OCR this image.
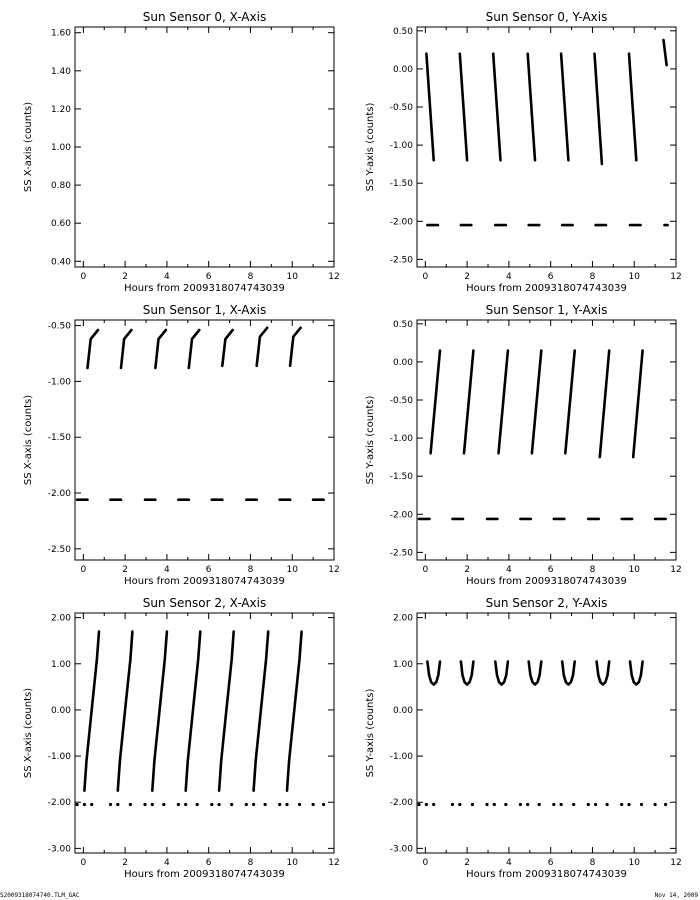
Sun Sensor 0, X-Axis
0	2	4	6	8	10	12
Hours from 2009318074743039
0.40
0.60
0.80
1.00
1.20
1.40
1.60
SS X-axis (counts)
Sun Sensor 0, Y-Axis
0	2	4	6	8	10	12
Hours from 2009318074743039
-2.50
-2.00
-1.50
-1.00
-0.50
0.00
0.50
SS Y-axis (counts)
Sun Sensor 1, X-Axis
0	2	4	6	8	10	12
Hours from 2009318074743039
-2.50
-2.00
-1.50
-1.00
-0.50
SS X-axis (counts)
Sun Sensor 1, Y-Axis
0	2	4	6	8	10	12
Hours from 2009318074743039
-2.50
-2.00
-1.50
-1.00
-0.50
0.00
0.50
SS Y-axis (counts)
Sun Sensor 2, X-Axis
0	2	4	6	8	10	12
Hours from 2009318074743039
-3.00
-2.00
-1.00
0.00
1.00
2.00
SS X-axis (counts)
Sun Sensor 2, Y-Axis
0	2	4	6	8	10	12
Hours from 2009318074743039
-3.00
-2.00
-1.00
0.00
1.00
2.00
SS Y-axis (counts)
S2009318074740.TLM_GAC	Nov 14, 2009
